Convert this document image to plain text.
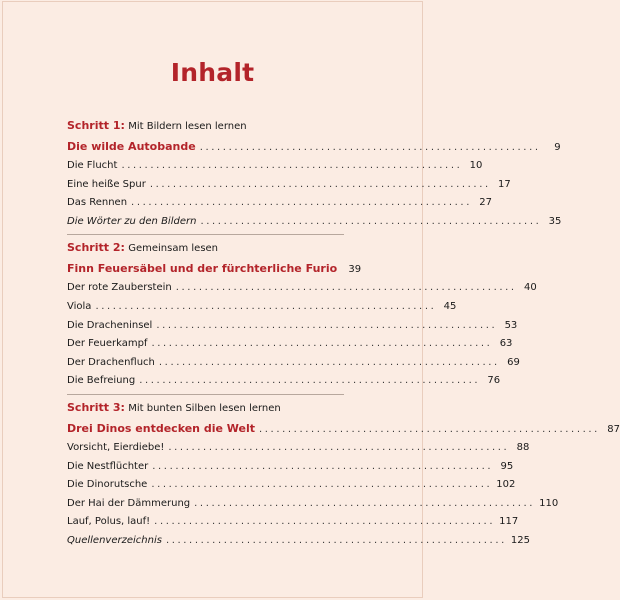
Inhalt
Schritt 1: Mit Bildern lesen lernen
Die wilde Autobande ...........................................................	9
Die Flucht ........................................................... 10
Eine heiße Spur ........................................................... 17
Das Rennen ........................................................... 27
Die Wörter zu den Bildern ........................................................... 35
Schritt 2: Gemeinsam lesen
Finn Feuersäbel und der fürchterliche Furio	39
Der rote Zauberstein ........................................................... 40
Viola ........................................................... 45
Die Dracheninsel ........................................................... 53
Der Feuerkampf ........................................................... 63
Der Drachenfluch ........................................................... 69
Die Befreiung ........................................................... 76
Schritt 3: Mit bunten Silben lesen lernen
Drei Dinos entdecken die Welt ........................................................... 87
Vorsicht, Eierdiebe! ........................................................... 88
Die Nestflüchter ........................................................... 95
Die Dinorutsche ........................................................... 102
Der Hai der Dämmerung ........................................................... 110
Lauf, Polus, lauf! ........................................................... 117
Quellenverzeichnis ........................................................... 125
